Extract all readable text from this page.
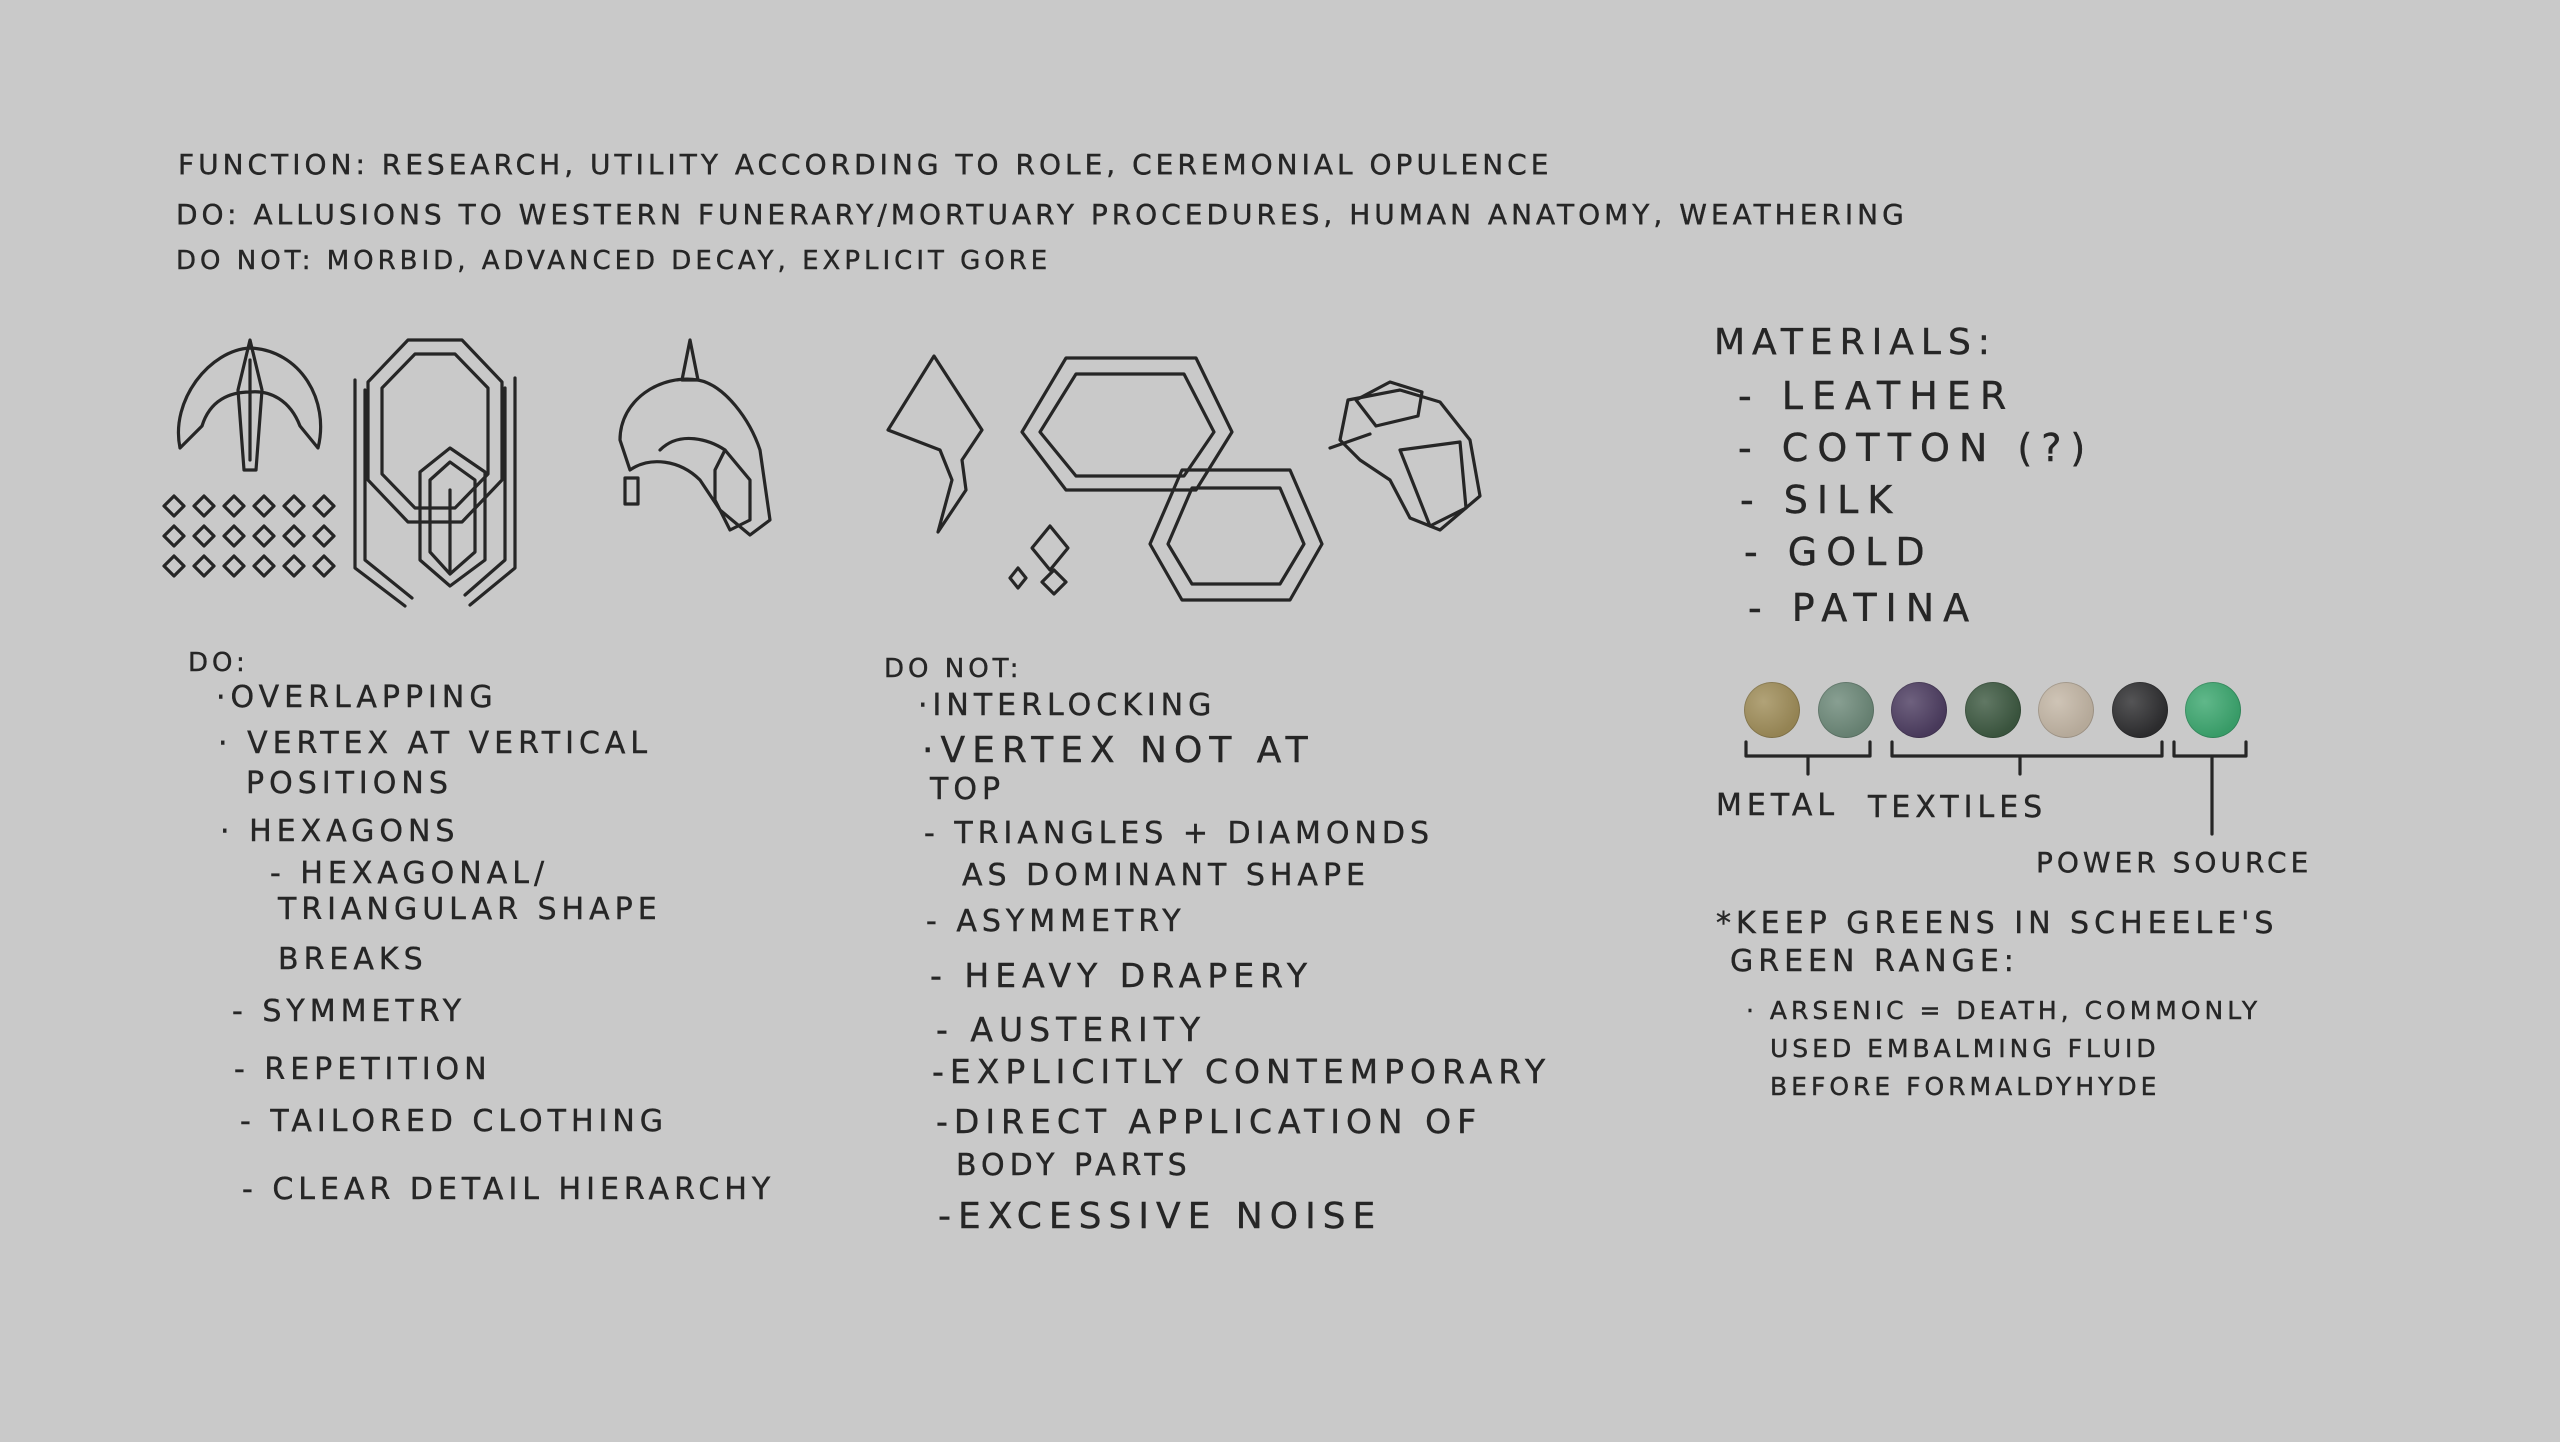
FUNCTION: RESEARCH, UTILITY ACCORDING TO ROLE, CEREMONIAL OPULENCE
DO: ALLUSIONS TO WESTERN FUNERARY/MORTUARY PROCEDURES, HUMAN ANATOMY, WEATHERING
DO NOT: MORBID, ADVANCED DECAY, EXPLICIT GORE
DO:
·OVERLAPPING
· VERTEX AT VERTICAL
POSITIONS
· HEXAGONS
- HEXAGONAL/
TRIANGULAR SHAPE
BREAKS
- SYMMETRY
- REPETITION
- TAILORED CLOTHING
- CLEAR DETAIL HIERARCHY
DO NOT:
·INTERLOCKING
·VERTEX NOT AT
TOP
- TRIANGLES + DIAMONDS
AS DOMINANT SHAPE
- ASYMMETRY
- HEAVY DRAPERY
- AUSTERITY
-EXPLICITLY CONTEMPORARY
-DIRECT APPLICATION OF
BODY PARTS
-EXCESSIVE NOISE
MATERIALS:
- LEATHER
- COTTON (?)
- SILK
- GOLD
- PATINA
METAL TEXTILES
POWER SOURCE
*KEEP GREENS IN SCHEELE'S
GREEN RANGE:
· ARSENIC = DEATH, COMMONLY
USED EMBALMING FLUID
BEFORE FORMALDYHYDE
